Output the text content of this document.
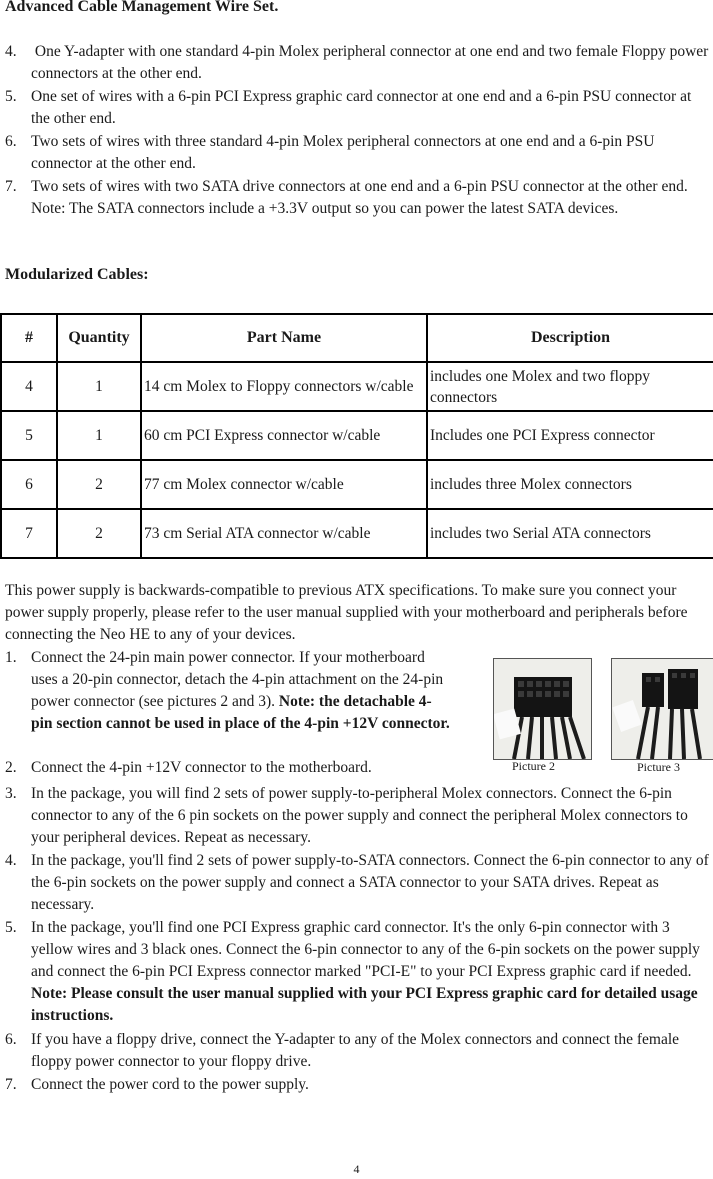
Advanced Cable Management Wire Set.
4. One Y-adapter with one standard 4-pin Molex peripheral connector at one end and two female Floppy power connectors at the other end.
5. One set of wires with a 6-pin PCI Express graphic card connector at one end and a 6-pin PSU connector at the other end.
6. Two sets of wires with three standard 4-pin Molex peripheral connectors at one end and a 6-pin PSU connector at the other end.
7. Two sets of wires with two SATA drive connectors at one end and a 6-pin PSU connector at the other end. Note: The SATA connectors include a +3.3V output so you can power the latest SATA devices.
Modularized Cables:
#	Quantity	Part Name	Description
4	1	14 cm Molex to Floppy connectors w/cable	includes one Molex and two floppy connectors
5	1	60 cm PCI Express connector w/cable	Includes one PCI Express connector
6	2	77 cm Molex connector w/cable	includes three Molex connectors
7	2	73 cm Serial ATA connector w/cable	includes two Serial ATA connectors
This power supply is backwards-compatible to previous ATX specifications. To make sure you connect your power supply properly, please refer to the user manual supplied with your motherboard and peripherals before connecting the Neo HE to any of your devices.
1. Connect the 24-pin main power connector. If your motherboard uses a 20-pin connector, detach the 4-pin attachment on the 24-pin power connector (see pictures 2 and 3). Note: the detachable 4-pin section cannot be used in place of the 4-pin +12V connector.
2. Connect the 4-pin +12V connector to the motherboard.	Picture 2	Picture 3
3. In the package, you will find 2 sets of power supply-to-peripheral Molex connectors. Connect the 6-pin connector to any of the 6 pin sockets on the power supply and connect the peripheral Molex connectors to your peripheral devices. Repeat as necessary.
4. In the package, you'll find 2 sets of power supply-to-SATA connectors. Connect the 6-pin connector to any of the 6-pin sockets on the power supply and connect a SATA connector to your SATA drives. Repeat as necessary.
5. In the package, you'll find one PCI Express graphic card connector. It's the only 6-pin connector with 3 yellow wires and 3 black ones. Connect the 6-pin connector to any of the 6-pin sockets on the power supply and connect the 6-pin PCI Express connector marked "PCI-E" to your PCI Express graphic card if needed. Note: Please consult the user manual supplied with your PCI Express graphic card for detailed usage instructions.
6. If you have a floppy drive, connect the Y-adapter to any of the Molex connectors and connect the female floppy power connector to your floppy drive.
7. Connect the power cord to the power supply.
4
